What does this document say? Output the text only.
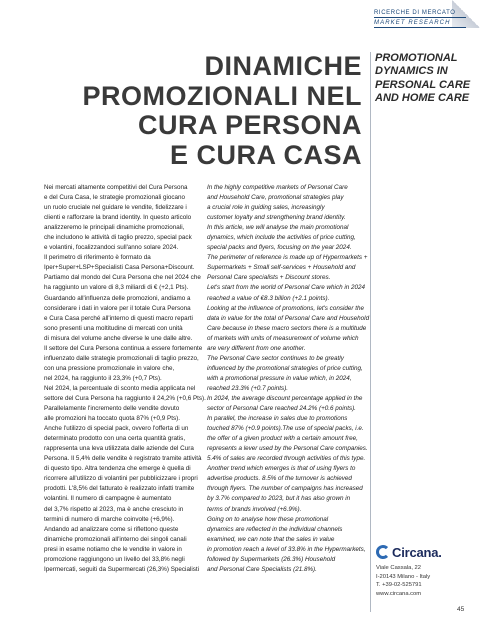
RICERCHE DI MERCATO
MARKET RESEARCH
DINAMICHE
PROMOZIONALI NEL
CURA PERSONA
E CURA CASA
PROMOTIONAL
DYNAMICS IN
PERSONAL CARE
AND HOME CARE

Nei mercati altamente competitivi del Cura Persona

e del Cura Casa, le strategie promozionali giocano

un ruolo cruciale nel guidare le vendite, fidelizzare i

clienti e rafforzare la brand identity. In questo articolo

analizzeremo le principali dinamiche promozionali,

che includono le attività di taglio prezzo, special pack

e volantini, focalizzandoci sull'anno solare 2024.

Il perimetro di riferimento è formato da

Iper+Super+LSP+Specialisti Casa Persona+Discount.

Partiamo dal mondo del Cura Persona che nel 2024 che

ha raggiunto un valore di 8,3 miliardi di € (+2,1 Pts).

Guardando all'influenza delle promozioni, andiamo a

considerare i dati in valore per il totale Cura Persona

e Cura Casa perché all'interno di questi macro reparti

sono presenti una moltitudine di mercati con unità

di misura del volume anche diverse le une dalle altre.

Il settore del Cura Persona continua a essere fortemente

influenzato dalle strategie promozionali di taglio prezzo,

con una pressione promozionale in valore che,

nel 2024, ha raggiunto il 23,3% (+0,7 Pts).

Nel 2024, la percentuale di sconto media applicata nel

settore del Cura Persona ha raggiunto il 24,2% (+0,6 Pts).

Parallelamente l'incremento delle vendite dovuto

alle promozioni ha toccato quota 87% (+0,9 Pts).

Anche l'utilizzo di special pack, ovvero l'offerta di un

determinato prodotto con una certa quantità gratis,

rappresenta una leva utilizzata dalle aziende del Cura

Persona. Il 5,4% delle vendite è registrato tramite attività

di questo tipo. Altra tendenza che emerge è quella di

ricorrere all'utilizzo di volantini per pubblicizzare i propri

prodotti. L'8,5% del fatturato è realizzato infatti tramite

volantini. Il numero di campagne è aumentato

del 3,7% rispetto al 2023, ma è anche cresciuto in

termini di numero di marche coinvolte (+6,9%).

Andando ad analizzare come si riflettono queste

dinamiche promozionali all'interno dei singoli canali

presi in esame notiamo che le vendite in valore in

promozione raggiungono un livello del 33,8% negli

Ipermercati, seguiti da Supermercati (26,3%) Specialisti

In the highly competitive markets of Personal Care

and Household Care, promotional strategies play

a crucial role in guiding sales, increasingly

customer loyalty and strengthening brand identity.

In this article, we will analyse the main promotional

dynamics, which include the activities of price cutting,

special packs and flyers, focusing on the year 2024.

The perimeter of reference is made up of Hypermarkets +

Supermarkets + Small self-services + Household and

Personal Care specialists + Discount stores.

Let's start from the world of Personal Care which in 2024

reached a value of €8.3 billion (+2.1 points).

Looking at the influence of promotions, let's consider the

data in value for the total of Personal Care and Household

Care because in these macro sectors there is a multitude

of markets with units of measurement of volume which

are very different from one another.

The Personal Care sector continues to be greatly

influenced by the promotional strategies of price cutting,

with a promotional pressure in value which, in 2024,

reached 23.3% (+0.7 points).

In 2024, the average discount percentage applied in the

sector of Personal Care reached 24.2% (+0.6 points).

In parallel, the increase in sales due to promotions

touched 87% (+0.9 points).The use of special packs, i.e.

the offer of a given product with a certain amount free,

represents a lever used by the Personal Care companies.

5.4% of sales are recorded through activities of this type.

Another trend which emerges is that of using flyers to

advertise products. 8.5% of the turnover is achieved

through flyers. The number of campaigns has increased

by 3.7% compared to 2023, but it has also grown in

terms of brands involved (+6.9%).

Going on to analyse how these promotional

dynamics are reflected in the individual channels

examined, we can note that the sales in value

in promotion reach a level of 33.8% in the Hypermarkets,

followed by Supermarkets (26.3%) Household

and Personal Care Specialists (21.8%).

Circana.
Viale Cassala, 22
I-20143 Milano - Italy
T. +39-02-525791
www.circana.com
45
